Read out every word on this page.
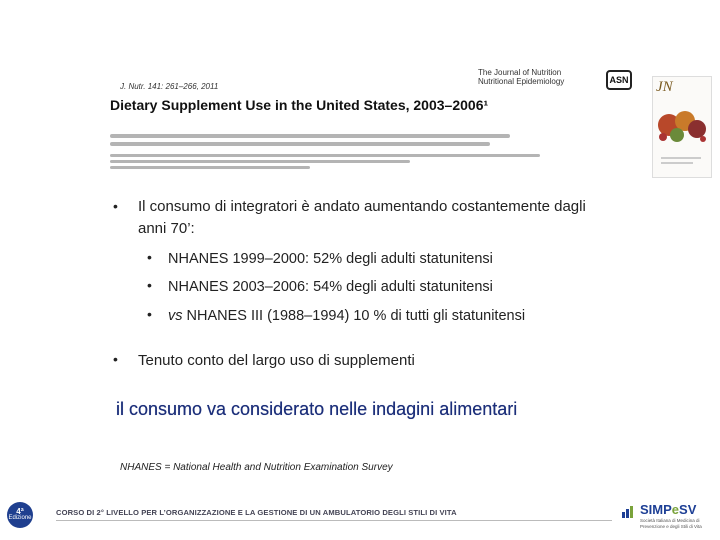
J. Nutr. 141: 261–266, 2011
The Journal of Nutrition Nutritional Epidemiology	ASN
Dietary Supplement Use in the United States, 2003–2006¹
JN
• Il consumo di integratori è andato aumentando costantemente dagli anni 70’:
• NHANES 1999–2000: 52% degli adulti statunitensi
• NHANES 2003–2006: 54% degli adulti statunitensi
• vs NHANES III (1988–1994) 10 % di tutti gli statunitensi
• Tenuto conto del largo uso di supplementi
il consumo va considerato nelle indagini alimentari
NHANES = National Health and Nutrition Examination Survey
4ª
Edizione
CORSO DI 2° LIVELLO PER L’ORGANIZZAZIONE E LA GESTIONE DI UN AMBULATORIO DEGLI STILI DI VITA	SIMPeSV
Società Italiana di Medicina di Prevenzione e degli Stili di Vita
